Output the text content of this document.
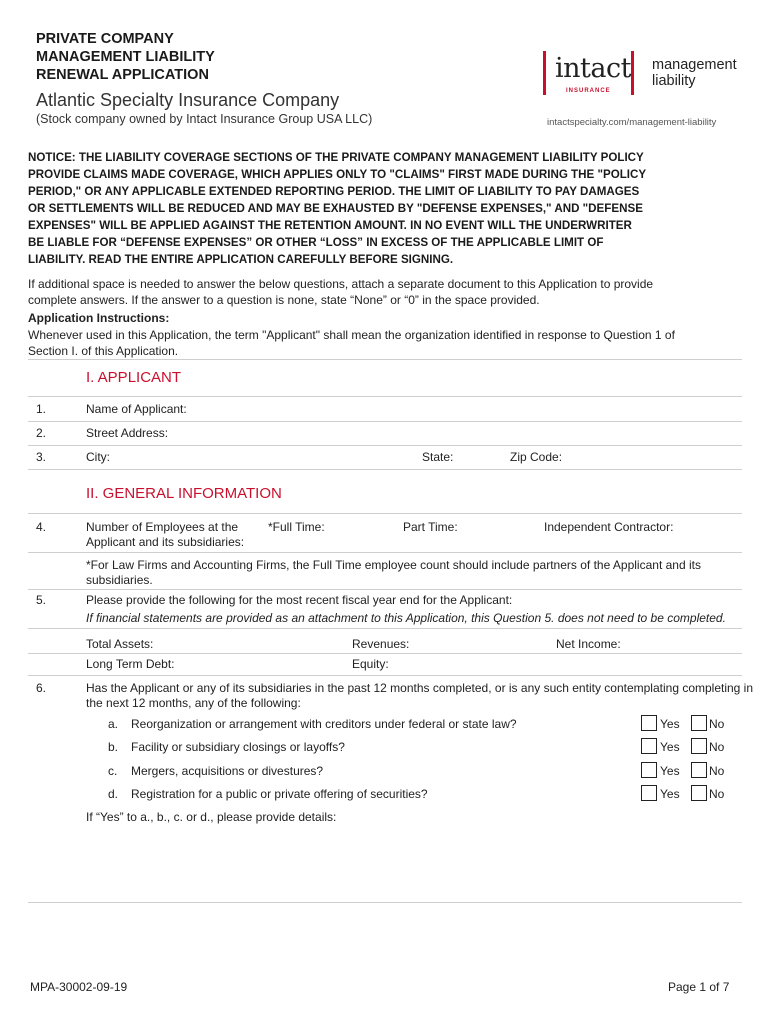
PRIVATE COMPANY
MANAGEMENT LIABILITY
RENEWAL APPLICATION
Atlantic Specialty Insurance Company
(Stock company owned by Intact Insurance Group USA LLC)
intact
INSURANCE
management
liability
intactspecialty.com/management-liability
NOTICE: THE LIABILITY COVERAGE SECTIONS OF THE PRIVATE COMPANY MANAGEMENT LIABILITY POLICY
PROVIDE CLAIMS MADE COVERAGE, WHICH APPLIES ONLY TO "CLAIMS" FIRST MADE DURING THE "POLICY
PERIOD," OR ANY APPLICABLE EXTENDED REPORTING PERIOD. THE LIMIT OF LIABILITY TO PAY DAMAGES
OR SETTLEMENTS WILL BE REDUCED AND MAY BE EXHAUSTED BY "DEFENSE EXPENSES," AND "DEFENSE
EXPENSES" WILL BE APPLIED AGAINST THE RETENTION AMOUNT. IN NO EVENT WILL THE UNDERWRITER
BE LIABLE FOR “DEFENSE EXPENSES” OR OTHER “LOSS” IN EXCESS OF THE APPLICABLE LIMIT OF
LIABILITY. READ THE ENTIRE APPLICATION CAREFULLY BEFORE SIGNING.
If additional space is needed to answer the below questions, attach a separate document to this Application to provide
complete answers. If the answer to a question is none, state “None” or “0” in the space provided.
Application Instructions:
Whenever used in this Application, the term "Applicant" shall mean the organization identified in response to Question 1 of
Section I. of this Application.
I. APPLICANT
1.	Name of Applicant:
2.	Street Address:
3.	City:	State:	Zip Code:
II. GENERAL INFORMATION
4.	Number of Employees at the
Applicant and its subsidiaries:
*Full Time:	Part Time:	Independent Contractor:
*For Law Firms and Accounting Firms, the Full Time employee count should include partners of the Applicant and its
subsidiaries.
5.	Please provide the following for the most recent fiscal year end for the Applicant:
If financial statements are provided as an attachment to this Application, this Question 5. does not need to be completed.
Total Assets:	Revenues:	Net Income:
Long Term Debt:	Equity:
6.	Has the Applicant or any of its subsidiaries in the past 12 months completed, or is any such entity contemplating completing in
the next 12 months, any of the following:
a. Reorganization or arrangement with creditors under federal or state law?	Yes No
b. Facility or subsidiary closings or layoffs?	Yes No
c. Mergers, acquisitions or divestures?	Yes No
d. Registration for a public or private offering of securities?	Yes No
If “Yes” to a., b., c. or d., please provide details:
MPA-30002-09-19	Page 1 of 7
